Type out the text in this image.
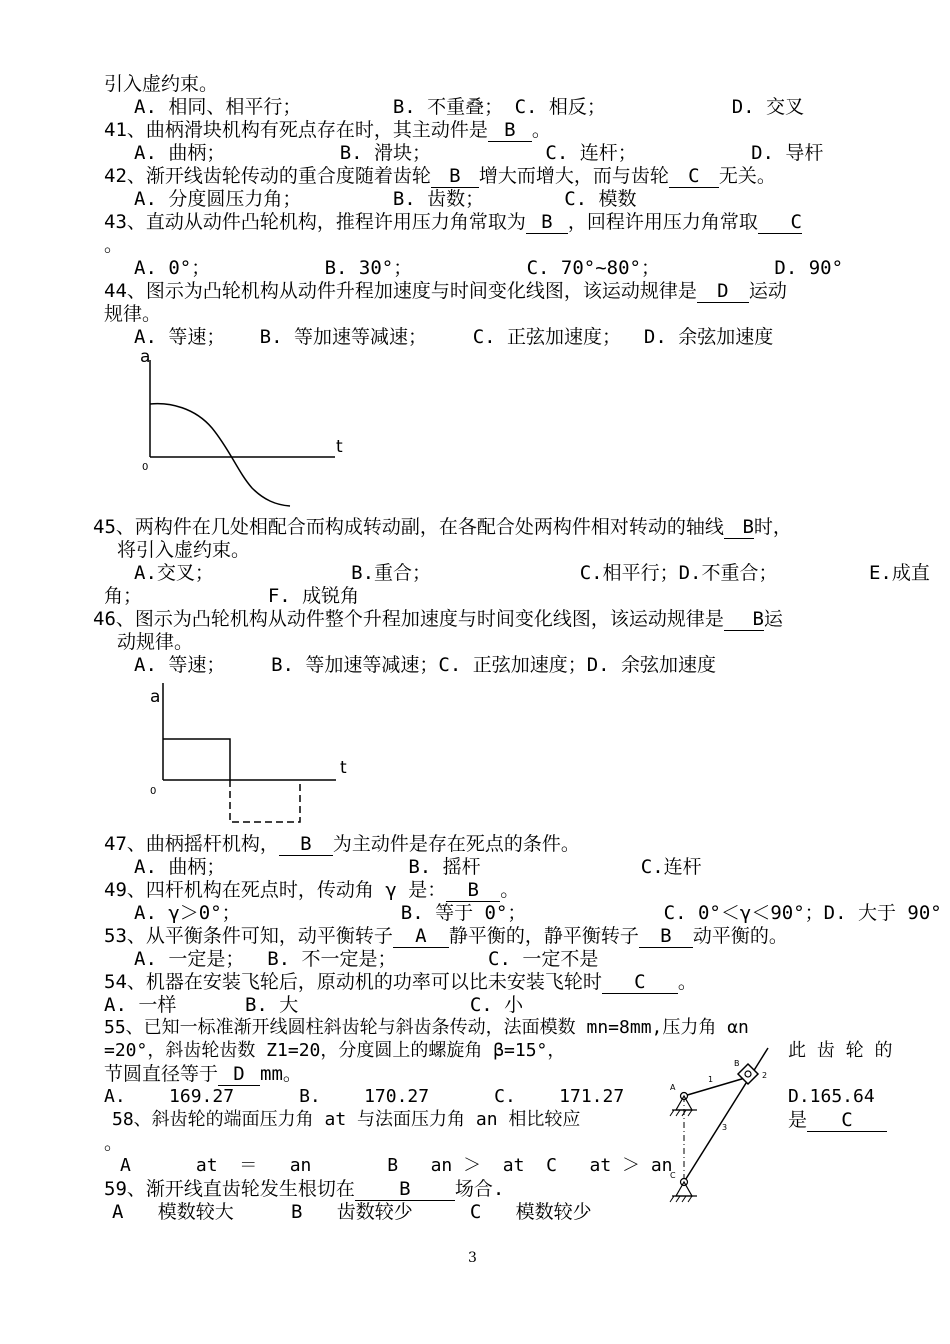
引入虚约束。
A. 相同、相平行；        B. 不重叠； C. 相反；           D. 交叉
41、曲柄滑块机构有死点存在时，其主动件是 B 。
A. 曲柄；          B. 滑块；          C. 连杆；          D. 导杆
42、渐开线齿轮传动的重合度随着齿轮 B 增大而增大，而与齿轮 C 无关。
A. 分度圆压力角；        B. 齿数；       C. 模数
43、直动从动件凸轮机构，推程许用压力角常取为 B ，回程许用压力角常取 C
。
A. 0°；          B. 30°；          C. 70°~80°；          D. 90°
44、图示为凸轮机构从动件升程加速度与时间变化线图，该运动规律是 D 运动
规律。
A. 等速；   B. 等加速等减速；    C. 正弦加速度；  D. 余弦加速度
a
t
0
45、两构件在几处相配合而构成转动副，在各配合处两构件相对转动的轴线 B时，
将引入虚约束。
A.交叉；            B.重合；             C.相平行；D.不重合；        E.成直
角；           F. 成锐角
46、图示为凸轮机构从动件整个升程加速度与时间变化线图，该运动规律是 B运
动规律。
A. 等速；    B. 等加速等减速；C. 正弦加速度；D. 余弦加速度
a
t
0
47、曲柄摇杆机构， B 为主动件是存在死点的条件。
A. 曲柄；                B. 摇杆              C.连杆
49、四杆机构在死点时，传动角 γ 是： B 。
A. γ＞0°；              B. 等于 0°；            C. 0°＜γ＜90°；D. 大于 90°
53、从平衡条件可知，动平衡转子 A 静平衡的，静平衡转子 B 动平衡的。
A. 一定是；  B. 不一定是；        C. 一定不是
54、机器在安装飞轮后，原动机的功率可以比未安装飞轮时 C 。
A. 一样      B. 大               C. 小
55、已知一标准渐开线圆柱斜齿轮与斜齿条传动，法面模数 mn=8mm,压力角 αn
=20°，斜齿轮齿数 Z1=20，分度圆上的螺旋角 β=15°，	此 齿 轮 的
节圆直径等于 D mm。
A.    169.27      B.    170.27      C.    171.27	D.165.64
58、斜齿轮的端面压力角 at 与法面压力角 an 相比较应	是 C
。
A      at  ＝   an       B   an ＞  at  C   at ＞ an
59、渐开线直齿轮发生根切在 B 场合.
A   模数较大     B   齿数较少     C   模数较少
A
B
C
1	2
3
3
